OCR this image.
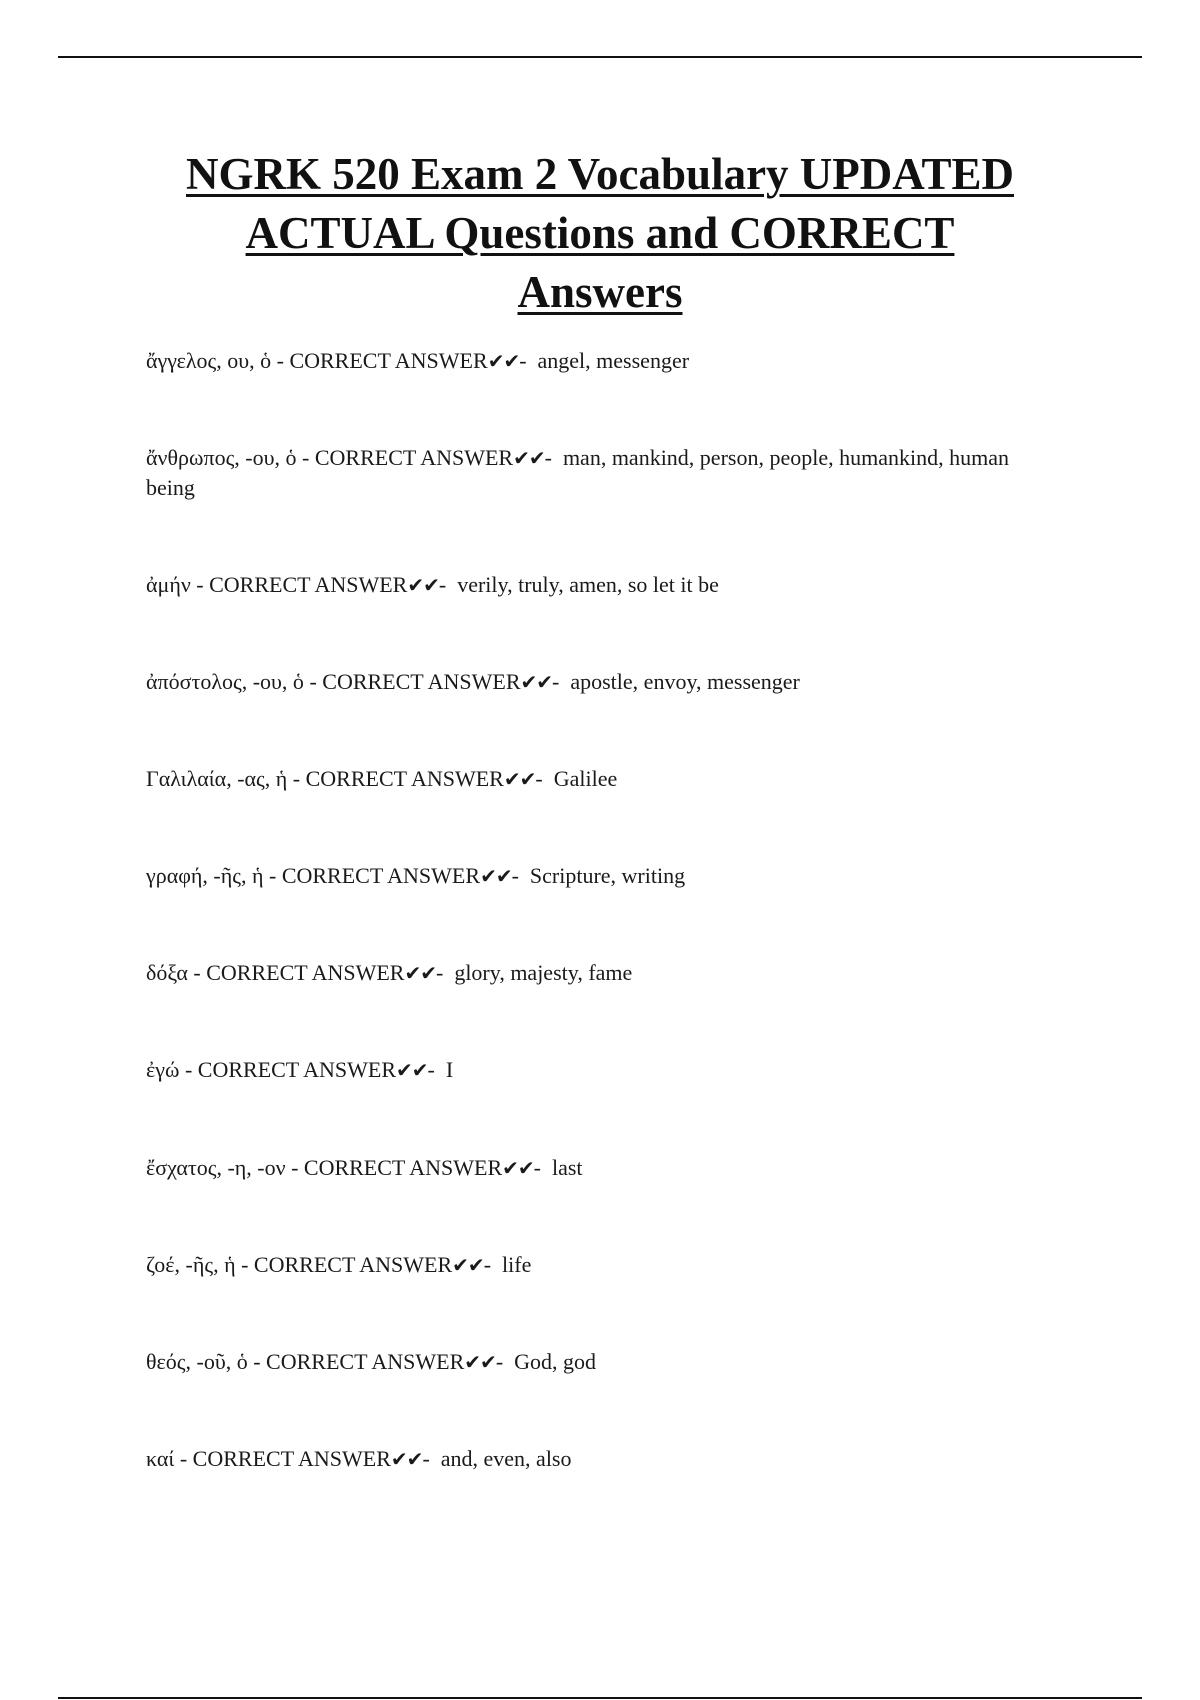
NGRK 520 Exam 2 Vocabulary UPDATED
ACTUAL Questions and CORRECT
Answers
ἄγγελος, ου, ὁ - CORRECT ANSWER✔✔-  angel, messenger
ἄνθρωπος, -ου, ὁ - CORRECT ANSWER✔✔-  man, mankind, person, people, humankind, human being
ἀμήν - CORRECT ANSWER✔✔-  verily, truly, amen, so let it be
ἀπόστολος, -ου, ὁ - CORRECT ANSWER✔✔-  apostle, envoy, messenger
Γαλιλαία, -ας, ἡ - CORRECT ANSWER✔✔-  Galilee
γραφή, -ῆς, ἡ - CORRECT ANSWER✔✔-  Scripture, writing
δόξα - CORRECT ANSWER✔✔-  glory, majesty, fame
ἐγώ - CORRECT ANSWER✔✔-  I
ἔσχατος, -η, -ον - CORRECT ANSWER✔✔-  last
ζοέ, -ῆς, ἡ - CORRECT ANSWER✔✔-  life
θεός, -οῦ, ὁ - CORRECT ANSWER✔✔-  God, god
καί - CORRECT ANSWER✔✔-  and, even, also
